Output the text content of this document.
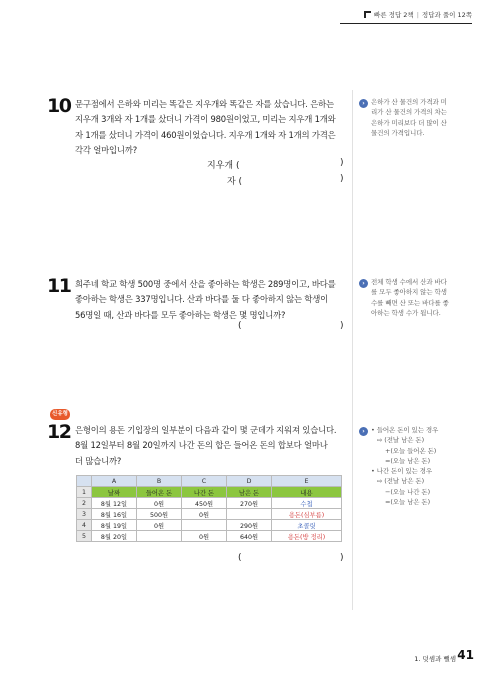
빠른 정답 2책 | 정답과 풀이 12쪽
10 문구점에서 은하와 미리는 똑같은 지우개와 똑같은 자를 샀습니다. 은하는
지우개 3개와 자 1개를 샀더니 가격이 980원이었고, 미리는 지우개 1개와
자 1개를 샀더니 가격이 460원이었습니다. 지우개 1개와 자 1개의 가격은
각각 얼마입니까?
지우개 (	)
자 (	)
› 은하가 산 물건의 가격과 미
리가 산 물건의 가격의 차는
은하가 미리보다 더 많이 산
물건의 가격입니다.
11 희주네 학교 학생 500명 중에서 산을 좋아하는 학생은 289명이고, 바다를
좋아하는 학생은 337명입니다. 산과 바다를 둘 다 좋아하지 않는 학생이
56명일 때, 산과 바다를 모두 좋아하는 학생은 몇 명입니까?
(	)
› 전체 학생 수에서 산과 바다
를 모두 좋아하지 않는 학생
수를 빼면 산 또는 바다를 좋
아하는 학생 수가 됩니다.
신유형
12 은형이의 용돈 기입장의 일부분이 다음과 같이 몇 군데가 지워져 있습니다.
8월 12일부터 8월 20일까지 나간 돈의 합은 들어온 돈의 합보다 얼마나
더 많습니까?
	A	B	C	D	E
1	날짜	들어온 돈	나간 돈	남은 돈	내용
2	8월 12일	0원	450원	270원	수첩
3	8월 16일	500원	0원		용돈(심부름)
4	8월 19일	0원		290원	초콜릿
5	8월 20일		0원	640원	용돈(방 정리)
(	)
› • 들어온 돈이 있는 경우
⇨ (전날 남은 돈)
+(오늘 들어온 돈)
=(오늘 남은 돈)
• 나간 돈이 있는 경우
⇨ (전날 남은 돈)
−(오늘 나간 돈)
=(오늘 남은 돈)
1. 덧셈과 뺄셈 41
